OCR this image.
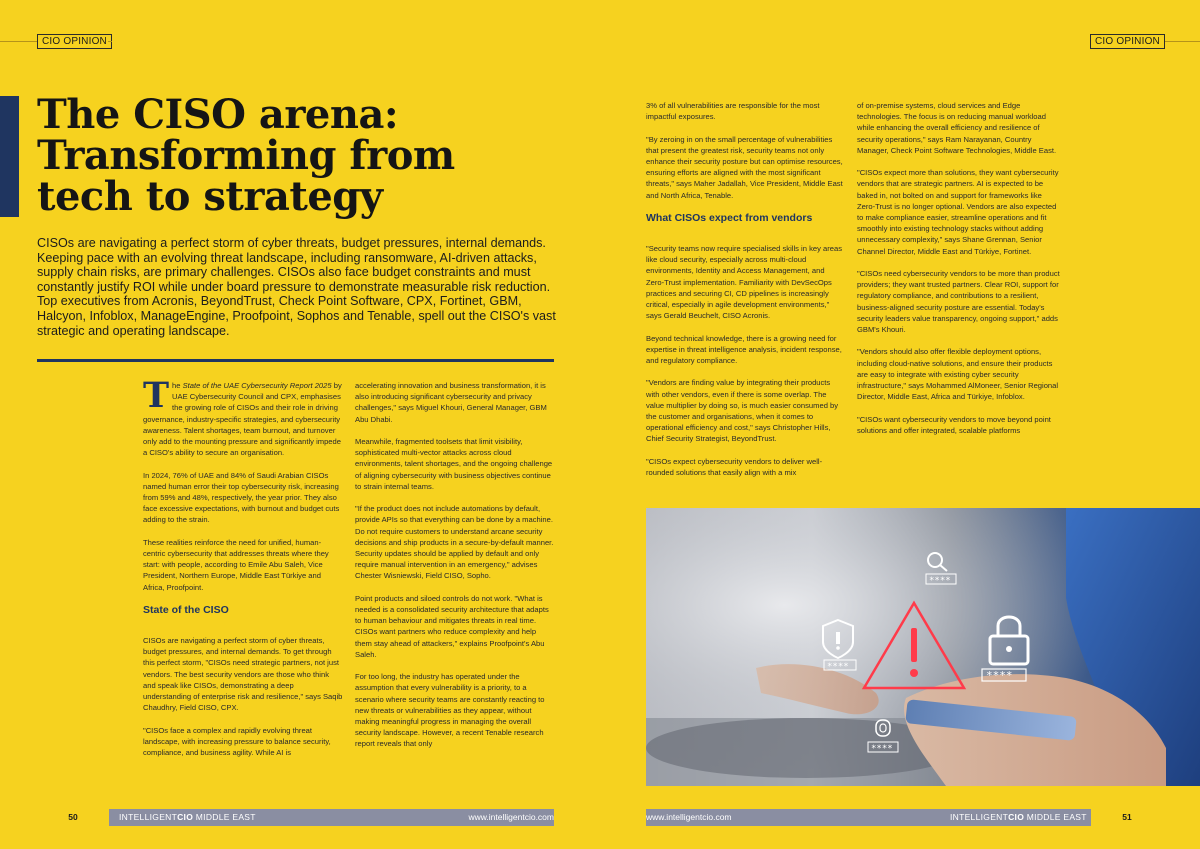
CIO OPINION	CIO OPINION
The CISO arena:
Transforming from
tech to strategy

CISOs are navigating a perfect storm of cyber threats, budget pressures, internal demands. Keeping pace with an evolving threat landscape, including ransomware, AI-driven attacks, supply chain risks, are primary challenges. CISOs also face budget constraints and must constantly justify ROI while under board pressure to demonstrate measurable risk reduction. Top executives from Acronis, BeyondTrust, Check Point Software, CPX, Fortinet, GBM, Halcyon, Infoblox, ManageEngine, Proofpoint, Sophos and Tenable, spell out the CISO's vast strategic and operating landscape.

The State of the UAE Cybersecurity Report 2025 by UAE Cybersecurity Council and CPX, emphasises the growing role of CISOs and their role in driving governance, industry-specific strategies, and cybersecurity awareness. Talent shortages, team burnout, and turnover only add to the mounting pressure and significantly impede a CISO's ability to secure an organisation.

In 2024, 76% of UAE and 84% of Saudi Arabian CISOs named human error their top cybersecurity risk, increasing from 59% and 48%, respectively, the year prior. They also face excessive expectations, with burnout and budget cuts adding to the strain.

These realities reinforce the need for unified, human-centric cybersecurity that addresses threats where they start: with people, according to Emile Abu Saleh, Vice President, Northern Europe, Middle East Türkiye and Africa, Proofpoint.

State of the CISO

CISOs are navigating a perfect storm of cyber threats, budget pressures, and internal demands. To get through this perfect storm, "CISOs need strategic partners, not just vendors. The best security vendors are those who think and speak like CISOs, demonstrating a deep understanding of enterprise risk and resilience," says Saqib Chaudhry, Field CISO, CPX.

"CISOs face a complex and rapidly evolving threat landscape, with increasing pressure to balance security, compliance, and business agility. While AI is

accelerating innovation and business transformation, it is also introducing significant cybersecurity and privacy challenges," says Miguel Khouri, General Manager, GBM Abu Dhabi.

Meanwhile, fragmented toolsets that limit visibility, sophisticated multi-vector attacks across cloud environments, talent shortages, and the ongoing challenge of aligning cybersecurity with business objectives continue to strain internal teams.

"If the product does not include automations by default, provide APIs so that everything can be done by a machine. Do not require customers to understand arcane security decisions and ship products in a secure-by-default manner. Security updates should be applied by default and only require manual intervention in an emergency," advises Chester Wisniewski, Field CISO, Sopho.

Point products and siloed controls do not work. "What is needed is a consolidated security architecture that adapts to human behaviour and mitigates threats in real time. CISOs want partners who reduce complexity and help them stay ahead of attackers," explains Proofpoint's Abu Saleh.

For too long, the industry has operated under the assumption that every vulnerability is a priority, to a scenario where security teams are constantly reacting to new threats or vulnerabilities as they appear, without making meaningful progress in managing the overall security landscape. However, a recent Tenable research report reveals that only

3% of all vulnerabilities are responsible for the most impactful exposures.

"By zeroing in on the small percentage of vulnerabilities that present the greatest risk, security teams not only enhance their security posture but can optimise resources, ensuring efforts are aligned with the most significant threats," says Maher Jadallah, Vice President, Middle East and North Africa, Tenable.

What CISOs expect from vendors

"Security teams now require specialised skills in key areas like cloud security, especially across multi-cloud environments, Identity and Access Management, and Zero-Trust implementation. Familiarity with DevSecOps practices and securing CI, CD pipelines is increasingly critical, especially in agile development environments," says Gerald Beuchelt, CISO Acronis.

Beyond technical knowledge, there is a growing need for expertise in threat intelligence analysis, incident response, and regulatory compliance.

"Vendors are finding value by integrating their products with other vendors, even if there is some overlap. The value multiplier by doing so, is much easier consumed by the customer and organisations, when it comes to operational efficiency and cost," says Christopher Hills, Chief Security Strategist, BeyondTrust.

"CISOs expect cybersecurity vendors to deliver well-rounded solutions that easily align with a mix

of on-premise systems, cloud services and Edge technologies. The focus is on reducing manual workload while enhancing the overall efficiency and resilience of security operations," says Ram Narayanan, Country Manager, Check Point Software Technologies, Middle East.

"CISOs expect more than solutions, they want cybersecurity vendors that are strategic partners. AI is expected to be baked in, not bolted on and support for frameworks like Zero-Trust is no longer optional. Vendors are also expected to make compliance easier, streamline operations and fit smoothly into existing technology stacks without adding unnecessary complexity," says Shane Grennan, Senior Channel Director, Middle East and Türkiye, Fortinet.

"CISOs need cybersecurity vendors to be more than product providers; they want trusted partners. Clear ROI, support for regulatory compliance, and contributions to a resilient, business-aligned security posture are essential. Today's security leaders value transparency, ongoing support," adds GBM's Khouri.

"Vendors should also offer flexible deployment options, including cloud-native solutions, and ensure their products are easy to integrate with existing cyber security infrastructure," says Mohammed AlMoneer, Senior Regional Director, Middle East, Africa and Türkiye, Infoblox.

"CISOs want cybersecurity vendors to move beyond point solutions and offer integrated, scalable platforms

****
****
****
****
50	INTELLIGENTCIO MIDDLE EAST	www.intelligentcio.com	www.intelligentcio.com	INTELLIGENTCIO MIDDLE EAST	51
